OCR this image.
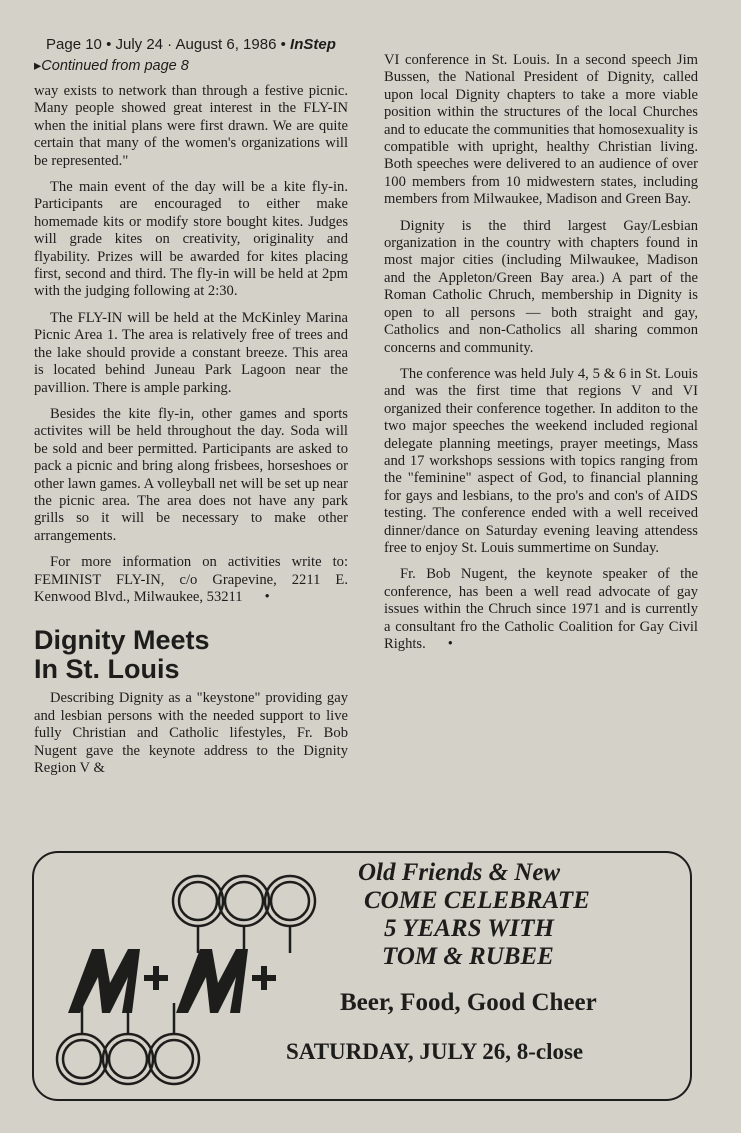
Page 10 • July 24 · August 6, 1986 • InStep

▸Continued from page 8

way exists to network than through a festive picnic. Many people showed great interest in the FLY-IN when the initial plans were first drawn. We are quite certain that many of the women's organizations will be represented."

The main event of the day will be a kite fly-in. Participants are encouraged to either make homemade kits or modify store bought kites. Judges will grade kites on creativity, originality and flyability. Prizes will be awarded for kites placing first, second and third. The fly-in will be held at 2pm with the judging following at 2:30.

The FLY-IN will be held at the McKinley Marina Picnic Area 1. The area is relatively free of trees and the lake should provide a constant breeze. This area is located behind Juneau Park Lagoon near the pavillion. There is ample parking.

Besides the kite fly-in, other games and sports activites will be held throughout the day. Soda will be sold and beer permitted. Participants are asked to pack a picnic and bring along frisbees, horseshoes or other lawn games. A volleyball net will be set up near the picnic area. The area does not have any park grills so it will be necessary to make other arrangements.

For more information on activities write to: FEMINIST FLY-IN, c/o Grapevine, 2211 E. Kenwood Blvd., Milwaukee, 53211 •

Dignity Meets
In St. Louis

Describing Dignity as a "keystone" providing gay and lesbian persons with the needed support to live fully Christian and Catholic lifestyles, Fr. Bob Nugent gave the keynote address to the Dignity Region V &

VI conference in St. Louis. In a second speech Jim Bussen, the National President of Dignity, called upon local Dignity chapters to take a more viable position within the structures of the local Churches and to educate the communities that homosexuality is compatible with upright, healthy Christian living. Both speeches were delivered to an audience of over 100 members from 10 midwestern states, including members from Milwaukee, Madison and Green Bay.

Dignity is the third largest Gay/Lesbian organization in the country with chapters found in most major cities (including Milwaukee, Madison and the Appleton/Green Bay area.) A part of the Roman Catholic Chruch, membership in Dignity is open to all persons — both straight and gay, Catholics and non-Catholics all sharing common concerns and community.

The conference was held July 4, 5 & 6 in St. Louis and was the first time that regions V and VI organized their conference together. In additon to the two major speeches the weekend included regional delegate planning meetings, prayer meetings, Mass and 17 workshops sessions with topics ranging from the "feminine" aspect of God, to financial planning for gays and lesbians, to the pro's and con's of AIDS testing. The conference ended with a well received dinner/dance on Saturday evening leaving attendess free to enjoy St. Louis summertime on Sunday.

Fr. Bob Nugent, the keynote speaker of the conference, has been a well read advocate of gay issues within the Chruch since 1971 and is currently a consultant fro the Catholic Coalition for Gay Civil Rights. •

Old Friends & New
COME CELEBRATE
5 YEARS WITH
TOM & RUBEE
Beer, Food, Good Cheer
SATURDAY, JULY 26, 8-close
